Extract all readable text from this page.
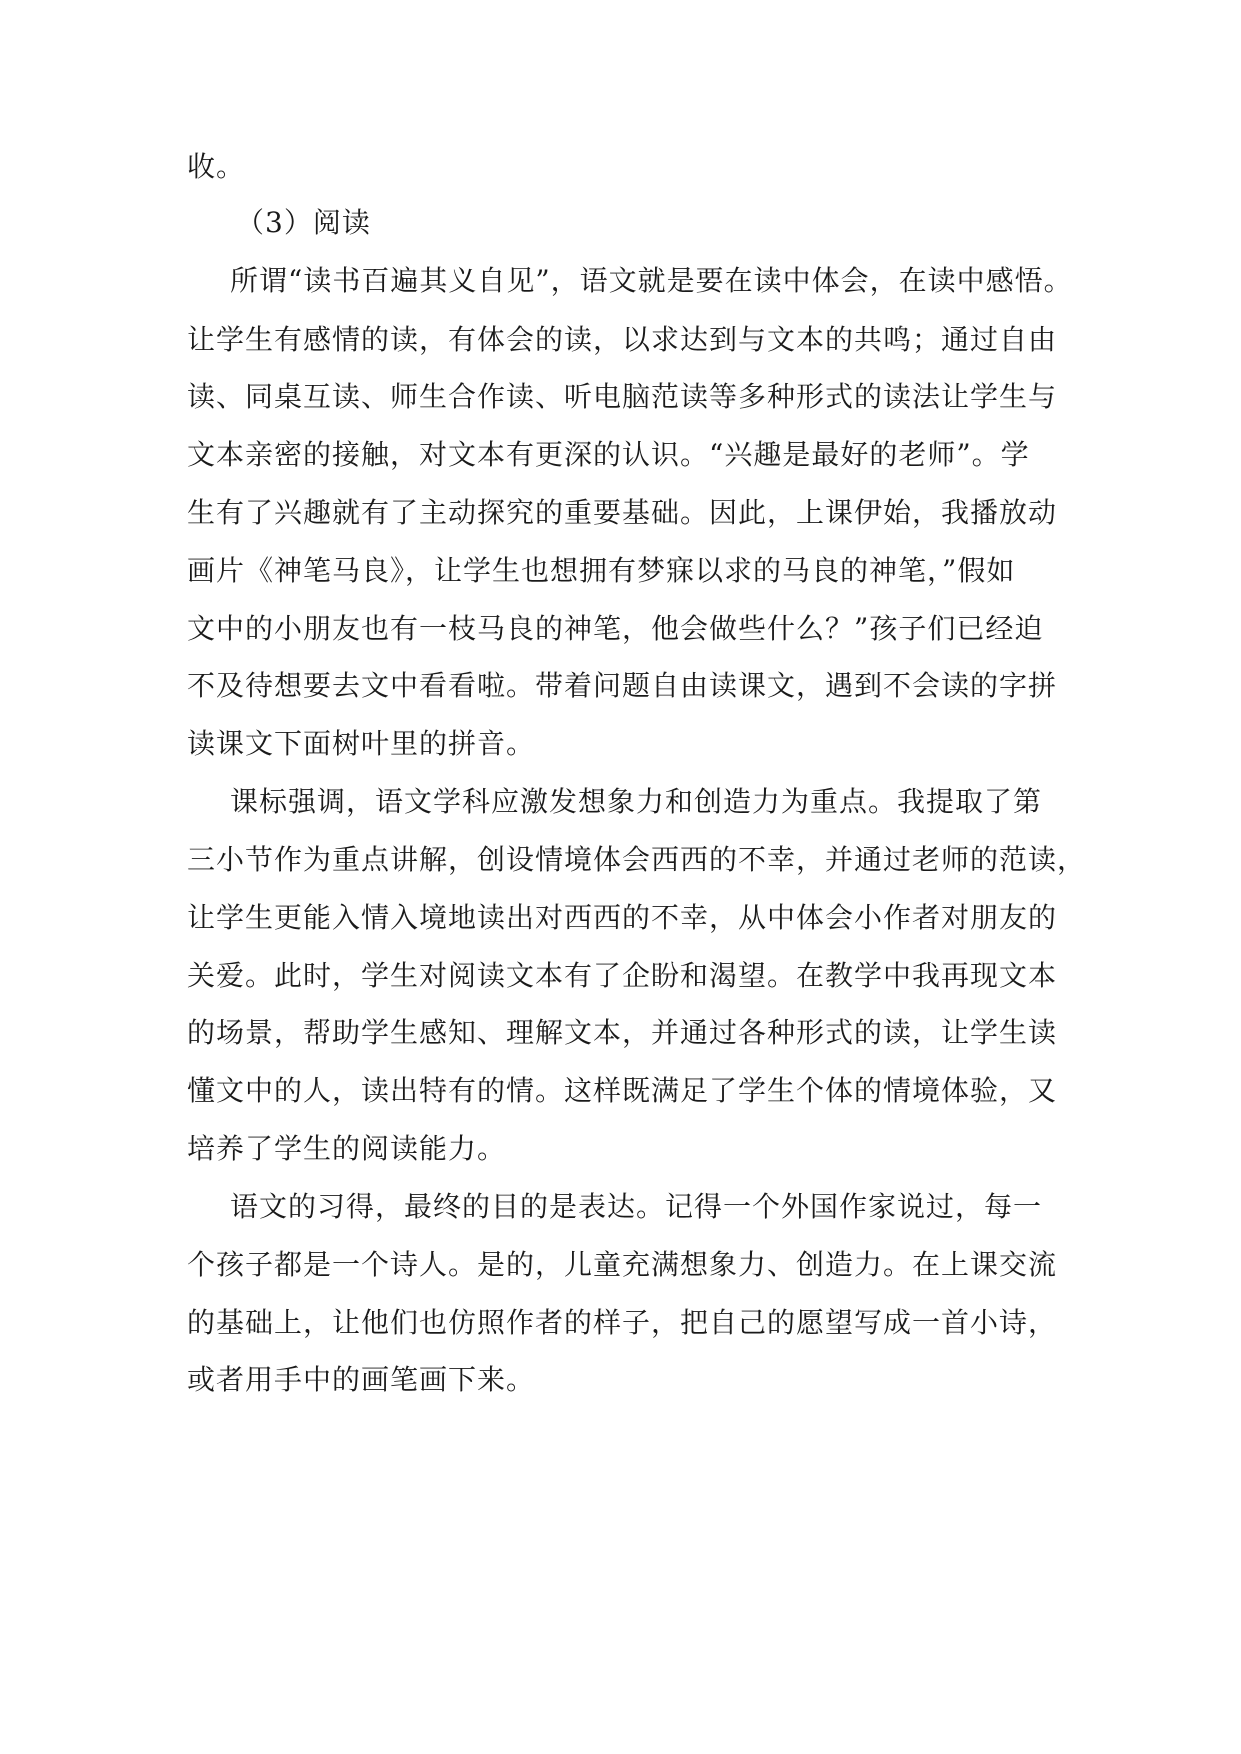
收。

（3）阅读

所谓“读书百遍其义自见”，语文就是要在读中体会，在读中感悟。

让学生有感情的读，有体会的读，以求达到与文本的共鸣；通过自由

读、同桌互读、师生合作读、听电脑范读等多种形式的读法让学生与

文本亲密的接触，对文本有更深的认识。“兴趣是最好的老师”。学

生有了兴趣就有了主动探究的重要基础。因此，上课伊始，我播放动

画片《神笔马良》，让学生也想拥有梦寐以求的马良的神笔，”假如

文中的小朋友也有一枝马良的神笔，他会做些什么？”孩子们已经迫

不及待想要去文中看看啦。带着问题自由读课文，遇到不会读的字拼

读课文下面树叶里的拼音。

课标强调，语文学科应激发想象力和创造力为重点。我提取了第

三小节作为重点讲解，创设情境体会西西的不幸，并通过老师的范读，

让学生更能入情入境地读出对西西的不幸，从中体会小作者对朋友的

关爱。此时，学生对阅读文本有了企盼和渴望。在教学中我再现文本

的场景，帮助学生感知、理解文本，并通过各种形式的读，让学生读

懂文中的人，读出特有的情。这样既满足了学生个体的情境体验，又

培养了学生的阅读能力。

语文的习得，最终的目的是表达。记得一个外国作家说过，每一

个孩子都是一个诗人。是的，儿童充满想象力、创造力。在上课交流

的基础上，让他们也仿照作者的样子，把自己的愿望写成一首小诗，

或者用手中的画笔画下来。
